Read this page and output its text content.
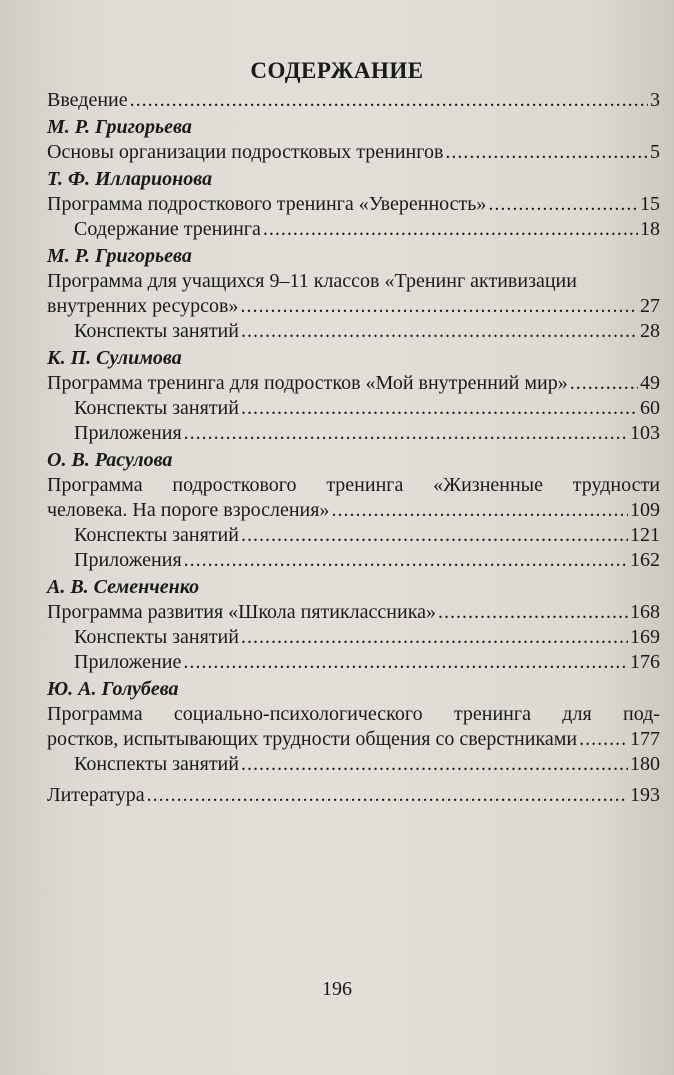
СОДЕРЖАНИЕ
Введение .....	3
М. Р. Григорьева
Основы организации подростковых тренингов .....	5
Т. Ф. Илларионова
Программа подросткового тренинга «Уверенность» .....	15
Содержание тренинга .....	18
М. Р. Григорьева
Программа для учащихся 9–11 классов «Тренинг активизации
внутренних ресурсов» .....	27
Конспекты занятий .....	28
К. П. Сулимова
Программа тренинга для подростков «Мой внутренний мир» .....	49
Конспекты занятий .....	60
Приложения .....	103
О. В. Расулова
Программа подросткового тренинга «Жизненные трудности
человека. На пороге взросления» .....	109
Конспекты занятий .....	121
Приложения .....	162
А. В. Семенченко
Программа развития «Школа пятиклассника» .....	168
Конспекты занятий .....	169
Приложение .....	176
Ю. А. Голубева
Программа социально-психологического тренинга для под-
ростков, испытывающих трудности общения со сверстниками .....	177
Конспекты занятий .....	180
Литература .....	193
196
